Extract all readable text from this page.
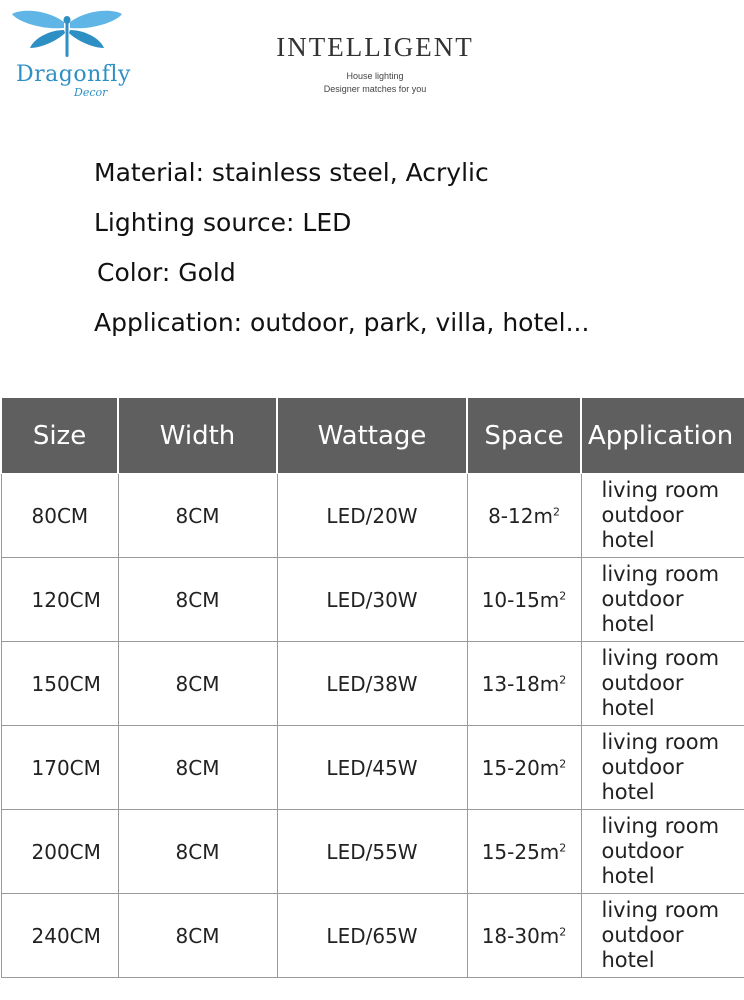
Dragonfly
Decor
INTELLIGENT
House lighting
Designer matches for you
Material: stainless steel, Acrylic
Lighting source: LED
Color: Gold
Application: outdoor, park, villa, hotel...
Size	Width	Wattage	Space	Application
80CM	8CM	LED/20W	$8-12m^2$	living room
outdoor
hotel

120CM	8CM	LED/30W	$10-15m^2$	living room
outdoor
hotel

150CM	8CM	LED/38W	$13-18m^2$	living room
outdoor
hotel

170CM	8CM	LED/45W	$15-20m^2$	living room
outdoor
hotel

200CM	8CM	LED/55W	$15-25m^2$	living room
outdoor
hotel

240CM	8CM	LED/65W	$18-30m^2$	living room
outdoor
hotel
